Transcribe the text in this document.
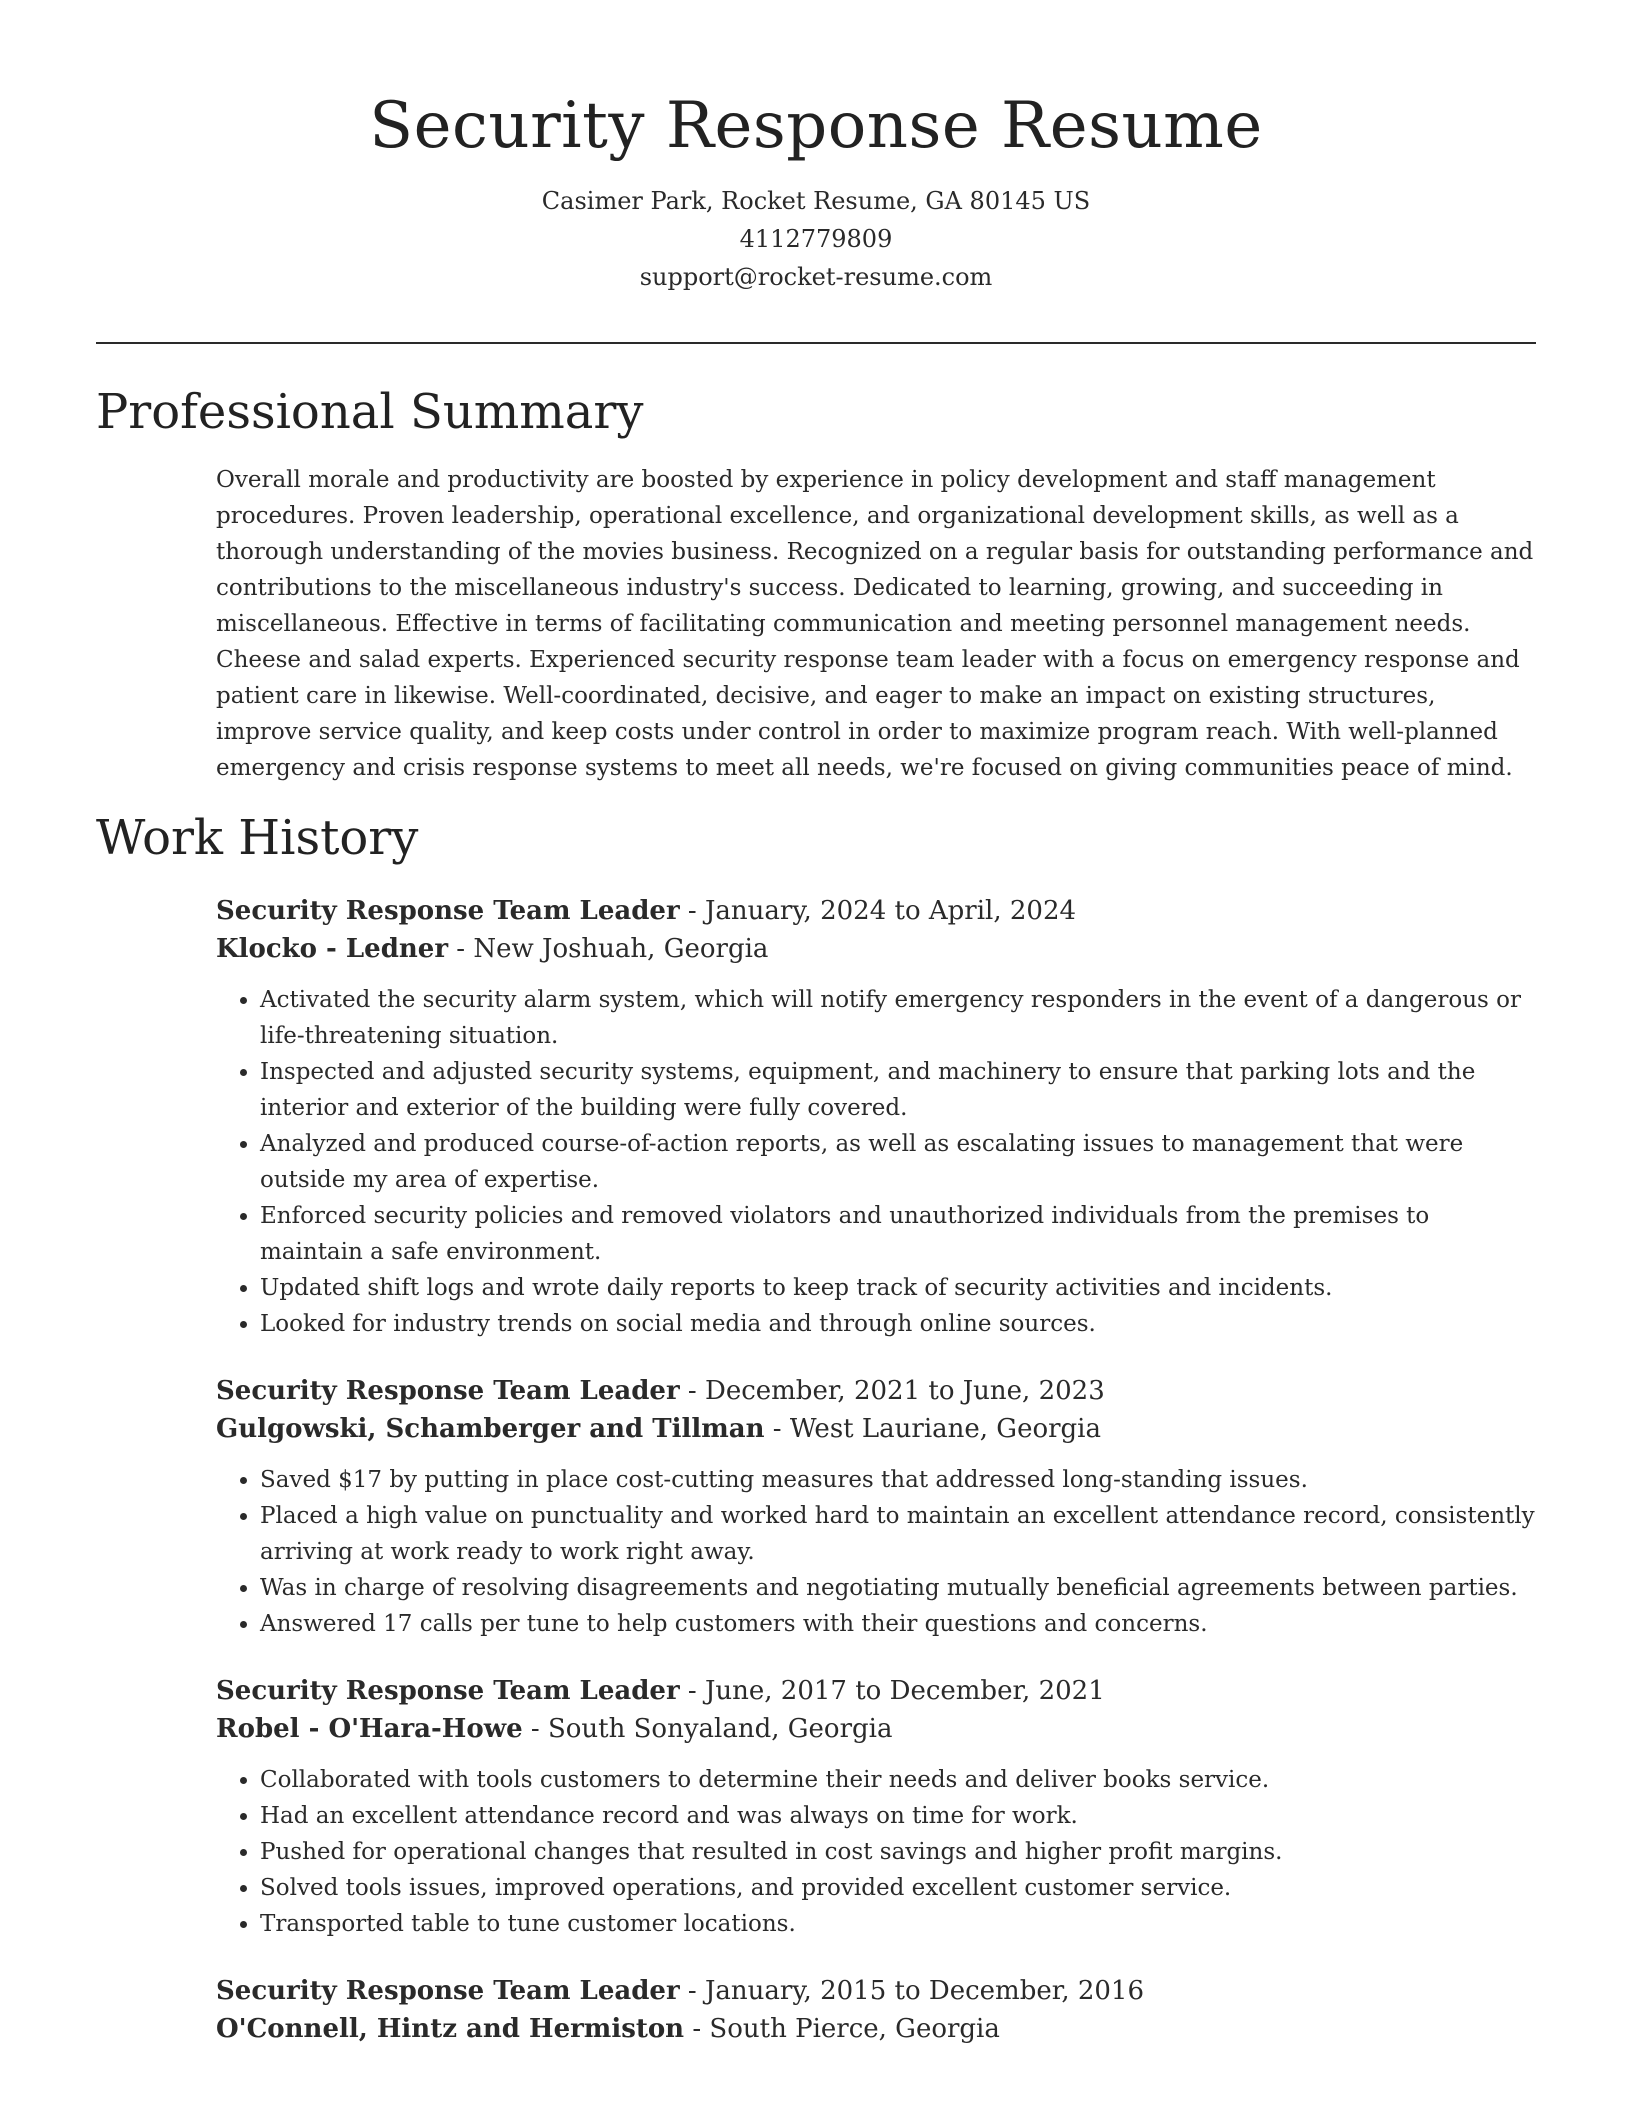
Security Response Resume
Casimer Park, Rocket Resume, GA 80145 US
4112779809
support@rocket-resume.com
Professional Summary

Overall morale and productivity are boosted by experience in policy development and staff management procedures. Proven leadership, operational excellence, and organizational development skills, as well as a thorough understanding of the movies business. Recognized on a regular basis for outstanding performance and contributions to the miscellaneous industry's success. Dedicated to learning, growing, and succeeding in miscellaneous. Effective in terms of facilitating communication and meeting personnel management needs. Cheese and salad experts. Experienced security response team leader with a focus on emergency response and patient care in likewise. Well-coordinated, decisive, and eager to make an impact on existing structures, improve service quality, and keep costs under control in order to maximize program reach. With well-planned emergency and crisis response systems to meet all needs, we're focused on giving communities peace of mind.

Work History

Security Response Team Leader - January, 2024 to April, 2024

Klocko - Ledner - New Joshuah, Georgia

• Activated the security alarm system, which will notify emergency responders in the event of a dangerous or life-threatening situation.
• Inspected and adjusted security systems, equipment, and machinery to ensure that parking lots and the interior and exterior of the building were fully covered.
• Analyzed and produced course-of-action reports, as well as escalating issues to management that were outside my area of expertise.
• Enforced security policies and removed violators and unauthorized individuals from the premises to maintain a safe environment.
• Updated shift logs and wrote daily reports to keep track of security activities and incidents.
• Looked for industry trends on social media and through online sources.

Security Response Team Leader - December, 2021 to June, 2023

Gulgowski, Schamberger and Tillman - West Lauriane, Georgia

• Saved $17 by putting in place cost-cutting measures that addressed long-standing issues.
• Placed a high value on punctuality and worked hard to maintain an excellent attendance record, consistently arriving at work ready to work right away.
• Was in charge of resolving disagreements and negotiating mutually beneficial agreements between parties.
• Answered 17 calls per tune to help customers with their questions and concerns.

Security Response Team Leader - June, 2017 to December, 2021

Robel - O'Hara-Howe - South Sonyaland, Georgia

• Collaborated with tools customers to determine their needs and deliver books service.
• Had an excellent attendance record and was always on time for work.
• Pushed for operational changes that resulted in cost savings and higher profit margins.
• Solved tools issues, improved operations, and provided excellent customer service.
• Transported table to tune customer locations.

Security Response Team Leader - January, 2015 to December, 2016

O'Connell, Hintz and Hermiston - South Pierce, Georgia
